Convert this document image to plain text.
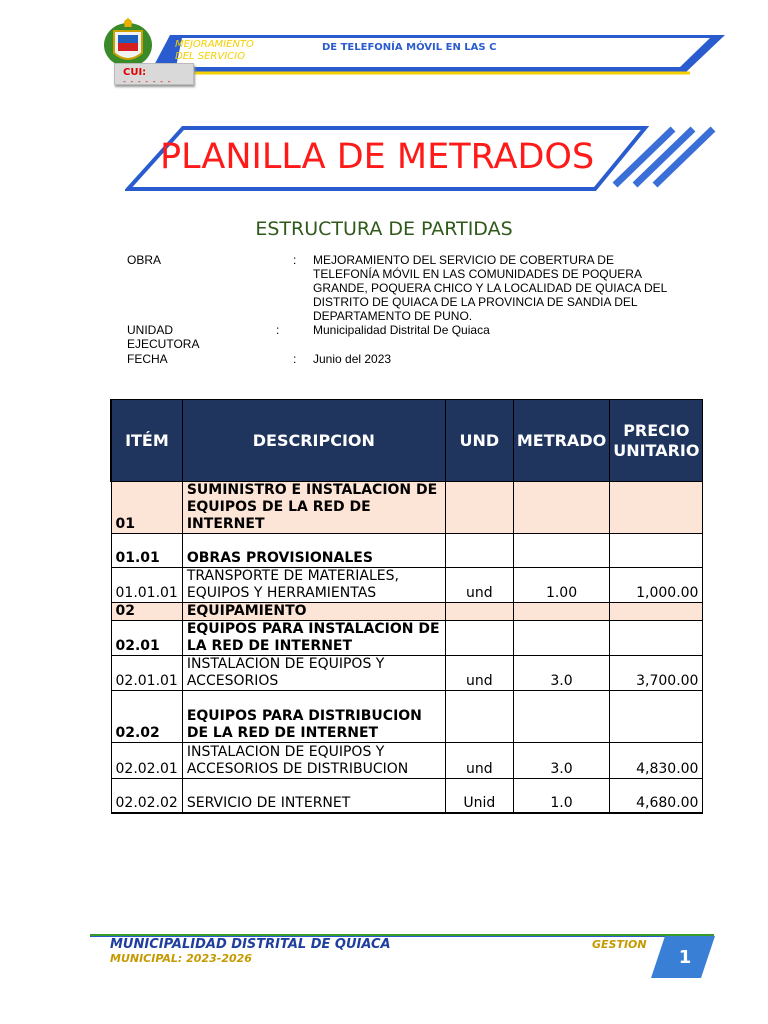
MEJORAMIENTO DEL SERVICIO
DE TELEFONÍA MÓVIL EN LAS C
CUI:
- - - - - - -
PLANILLA DE METRADOS
ESTRUCTURA DE PARTIDAS
OBRA	: MEJORAMIENTO DEL SERVICIO DE COBERTURA DE TELEFONÍA MÓVIL EN LAS COMUNIDADES DE POQUERA GRANDE, POQUERA CHICO Y LA LOCALIDAD DE QUIACA DEL DISTRITO DE QUIACA DE LA PROVINCIA DE SANDIA DEL DEPARTAMENTO DE PUNO.
UNIDAD EJECUTORA
:	Municipalidad Distrital De Quiaca
FECHA	: Junio del 2023
ITÉM	DESCRIPCION	UND	METRADO	PRECIO UNITARIO
01	SUMINISTRO E INSTALACION DE EQUIPOS DE LA RED DE INTERNET			
01.01	OBRAS PROVISIONALES			
01.01.01	TRANSPORTE DE MATERIALES, EQUIPOS Y HERRAMIENTAS	und	1.00	1,000.00
02	EQUIPAMIENTO			
02.01	EQUIPOS PARA INSTALACION DE LA RED DE INTERNET			
02.01.01	INSTALACION DE EQUIPOS Y ACCESORIOS	und	3.0	3,700.00
02.02	EQUIPOS PARA DISTRIBUCION DE LA RED DE INTERNET			
02.02.01	INSTALACION DE EQUIPOS Y ACCESORIOS DE DISTRIBUCION	und	3.0	4,830.00
02.02.02	SERVICIO DE INTERNET	Unid	1.0	4,680.00
MUNICIPALIDAD DISTRITAL DE QUIACA
MUNICIPAL: 2023-2026
GESTION
1
